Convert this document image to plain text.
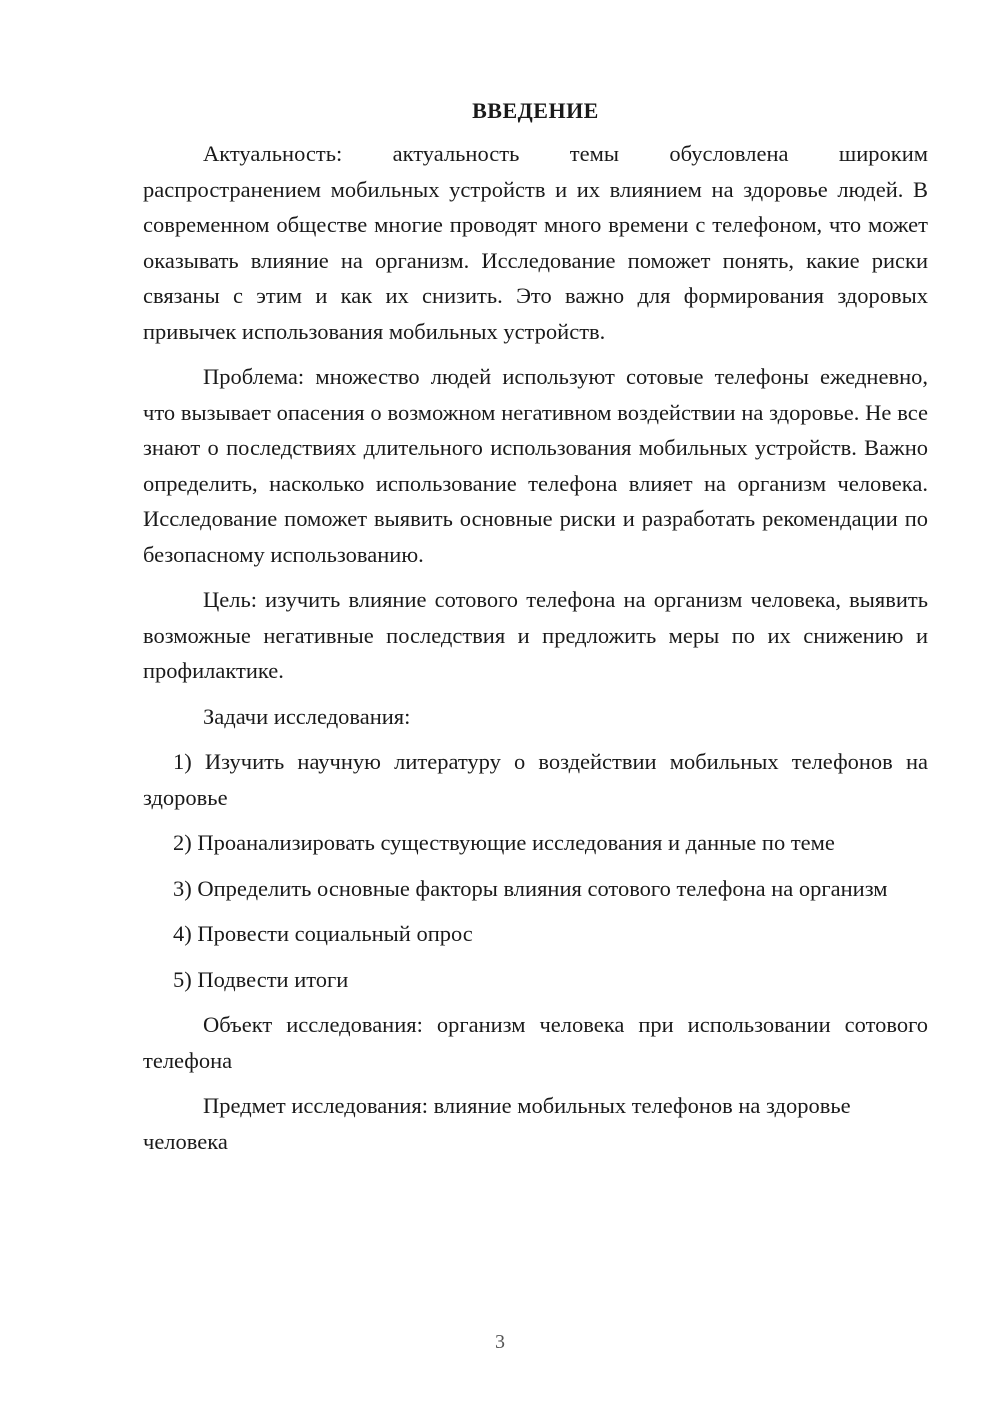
ВВЕДЕНИЕ

Актуальность: актуальность темы обусловлена широким распространением мобильных устройств и их влиянием на здоровье людей. В современном обществе многие проводят много времени с телефоном, что может оказывать влияние на организм. Исследование поможет понять, какие риски связаны с этим и как их снизить. Это важно для формирования здоровых привычек использования мобильных устройств.

Проблема: множество людей используют сотовые телефоны ежедневно, что вызывает опасения о возможном негативном воздействии на здоровье. Не все знают о последствиях длительного использования мобильных устройств. Важно определить, насколько использование телефона влияет на организм человека. Исследование поможет выявить основные риски и разработать рекомендации по безопасному использованию.

Цель: изучить влияние сотового телефона на организм человека, выявить возможные негативные последствия и предложить меры по их снижению и профилактике.

Задачи исследования:

1) Изучить научную литературу о воздействии мобильных телефонов на здоровье

2) Проанализировать существующие исследования и данные по теме

3) Определить основные факторы влияния сотового телефона на организм

4) Провести социальный опрос

5) Подвести итоги

Объект исследования: организм человека при использовании сотового телефона

Предмет исследования: влияние мобильных телефонов на здоровье человека

3
